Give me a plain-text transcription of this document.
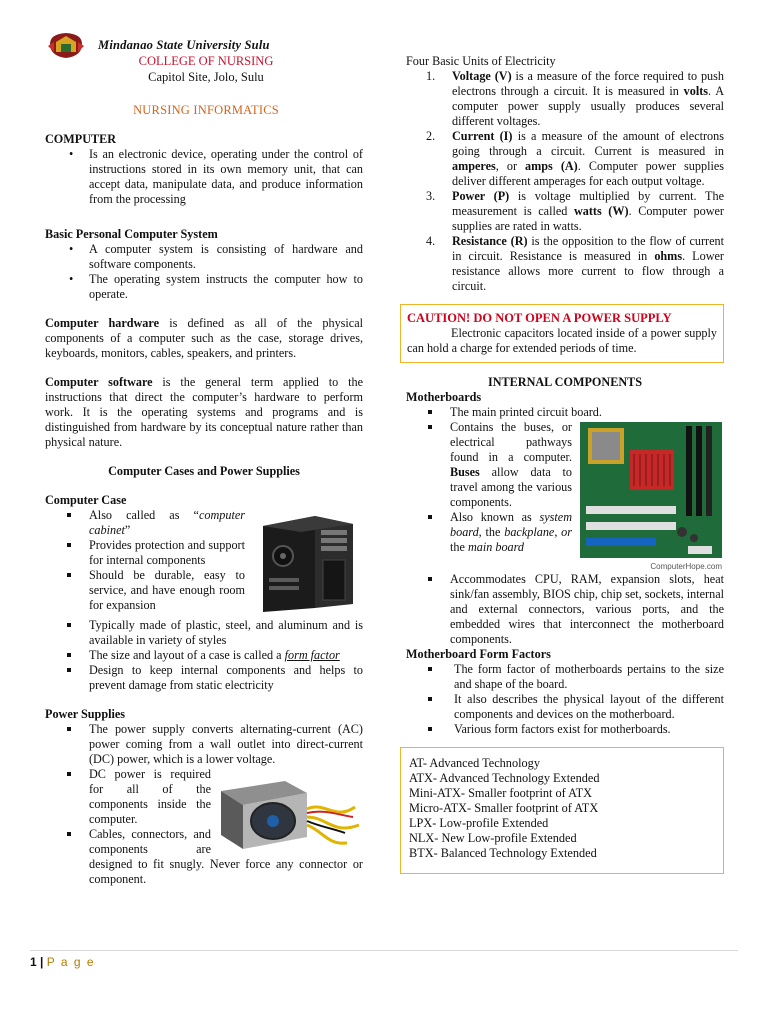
Mindanao State University Sulu
COLLEGE OF NURSING
Capitol Site, Jolo, Sulu
NURSING INFORMATICS

COMPUTER

• Is an electronic device, operating under the control of instructions stored in its own memory unit, that can accept data, manipulate data, and produce information from the processing

Basic Personal Computer System

• A computer system is consisting of hardware and software components.
• The operating system instructs the computer how to operate.

Computer hardware is defined as all of the physical components of a computer such as the case, storage drives, keyboards, monitors, cables, speakers, and printers.

Computer software is the general term applied to the instructions that direct the computer’s hardware to perform work. It is the operating systems and programs and is distinguished from hardware by its conceptual nature rather than physical nature.

Computer Cases and Power Supplies

Computer Case

Also called as “computer cabinet”
Provides protection and support for internal components
Should be durable, easy to service, and have enough room for expansion
Typically made of plastic, steel, and aluminum and is available in variety of styles
The size and layout of a case is called a form factor
Design to keep internal components and helps to prevent damage from static electricity

Power Supplies

The power supply converts alternating-current (AC) power coming from a wall outlet into direct-current (DC) power, which is a lower voltage.
DC power is required for all of the components inside the computer.
Cables, connectors, and components are designed to fit snugly. Never force any connector or component.

Four Basic Units of Electricity

1. Voltage (V) is a measure of the force required to push electrons through a circuit. It is measured in volts. A computer power supply usually produces several different voltages.
2. Current (I) is a measure of the amount of electrons going through a circuit. Current is measured in amperes, or amps (A). Computer power supplies deliver different amperages for each output voltage.
3. Power (P) is voltage multiplied by current. The measurement is called watts (W). Computer power supplies are rated in watts.
4. Resistance (R) is the opposition to the flow of current in circuit. Resistance is measured in ohms. Lower resistance allows more current to flow through a circuit.
CAUTION! DO NOT OPEN A POWER SUPPLY

Electronic capacitors located inside of a power supply can hold a charge for extended periods of time.

INTERNAL COMPONENTS

Motherboards

The main printed circuit board.
ComputerHope.com
Contains the buses, or electrical pathways found in a computer. Buses allow data to travel among the various components.
Also known as system board, the backplane, or the main board
Accommodates CPU, RAM, expansion slots, heat sink/fan assembly, BIOS chip, chip set, sockets, internal and external connectors, various ports, and the embedded wires that interconnect the motherboard components.

Motherboard Form Factors

The form factor of motherboards pertains to the size and shape of the board.
It also describes the physical layout of the different components and devices on the motherboard.
Various form factors exist for motherboards.
AT- Advanced Technology
ATX- Advanced Technology Extended
Mini-ATX- Smaller footprint of ATX
Micro-ATX- Smaller footprint of ATX
LPX- Low-profile Extended
NLX- New Low-profile Extended
BTX- Balanced Technology Extended
1 | P a g e
